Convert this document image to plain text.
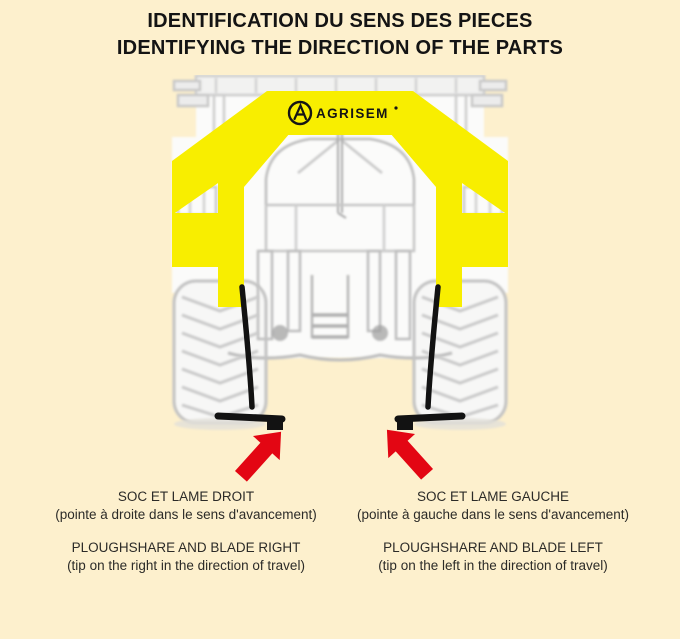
IDENTIFICATION DU SENS DES PIECES
IDENTIFYING THE DIRECTION OF THE PARTS
AGRISEM
SOC ET LAME DROIT
(pointe à droite dans le sens d'avancement)
PLOUGHSHARE AND BLADE RIGHT
(tip on the right in the direction of travel)
SOC ET LAME GAUCHE
(pointe à gauche dans le sens d'avancement)
PLOUGHSHARE AND BLADE LEFT
(tip on the left in the direction of travel)
